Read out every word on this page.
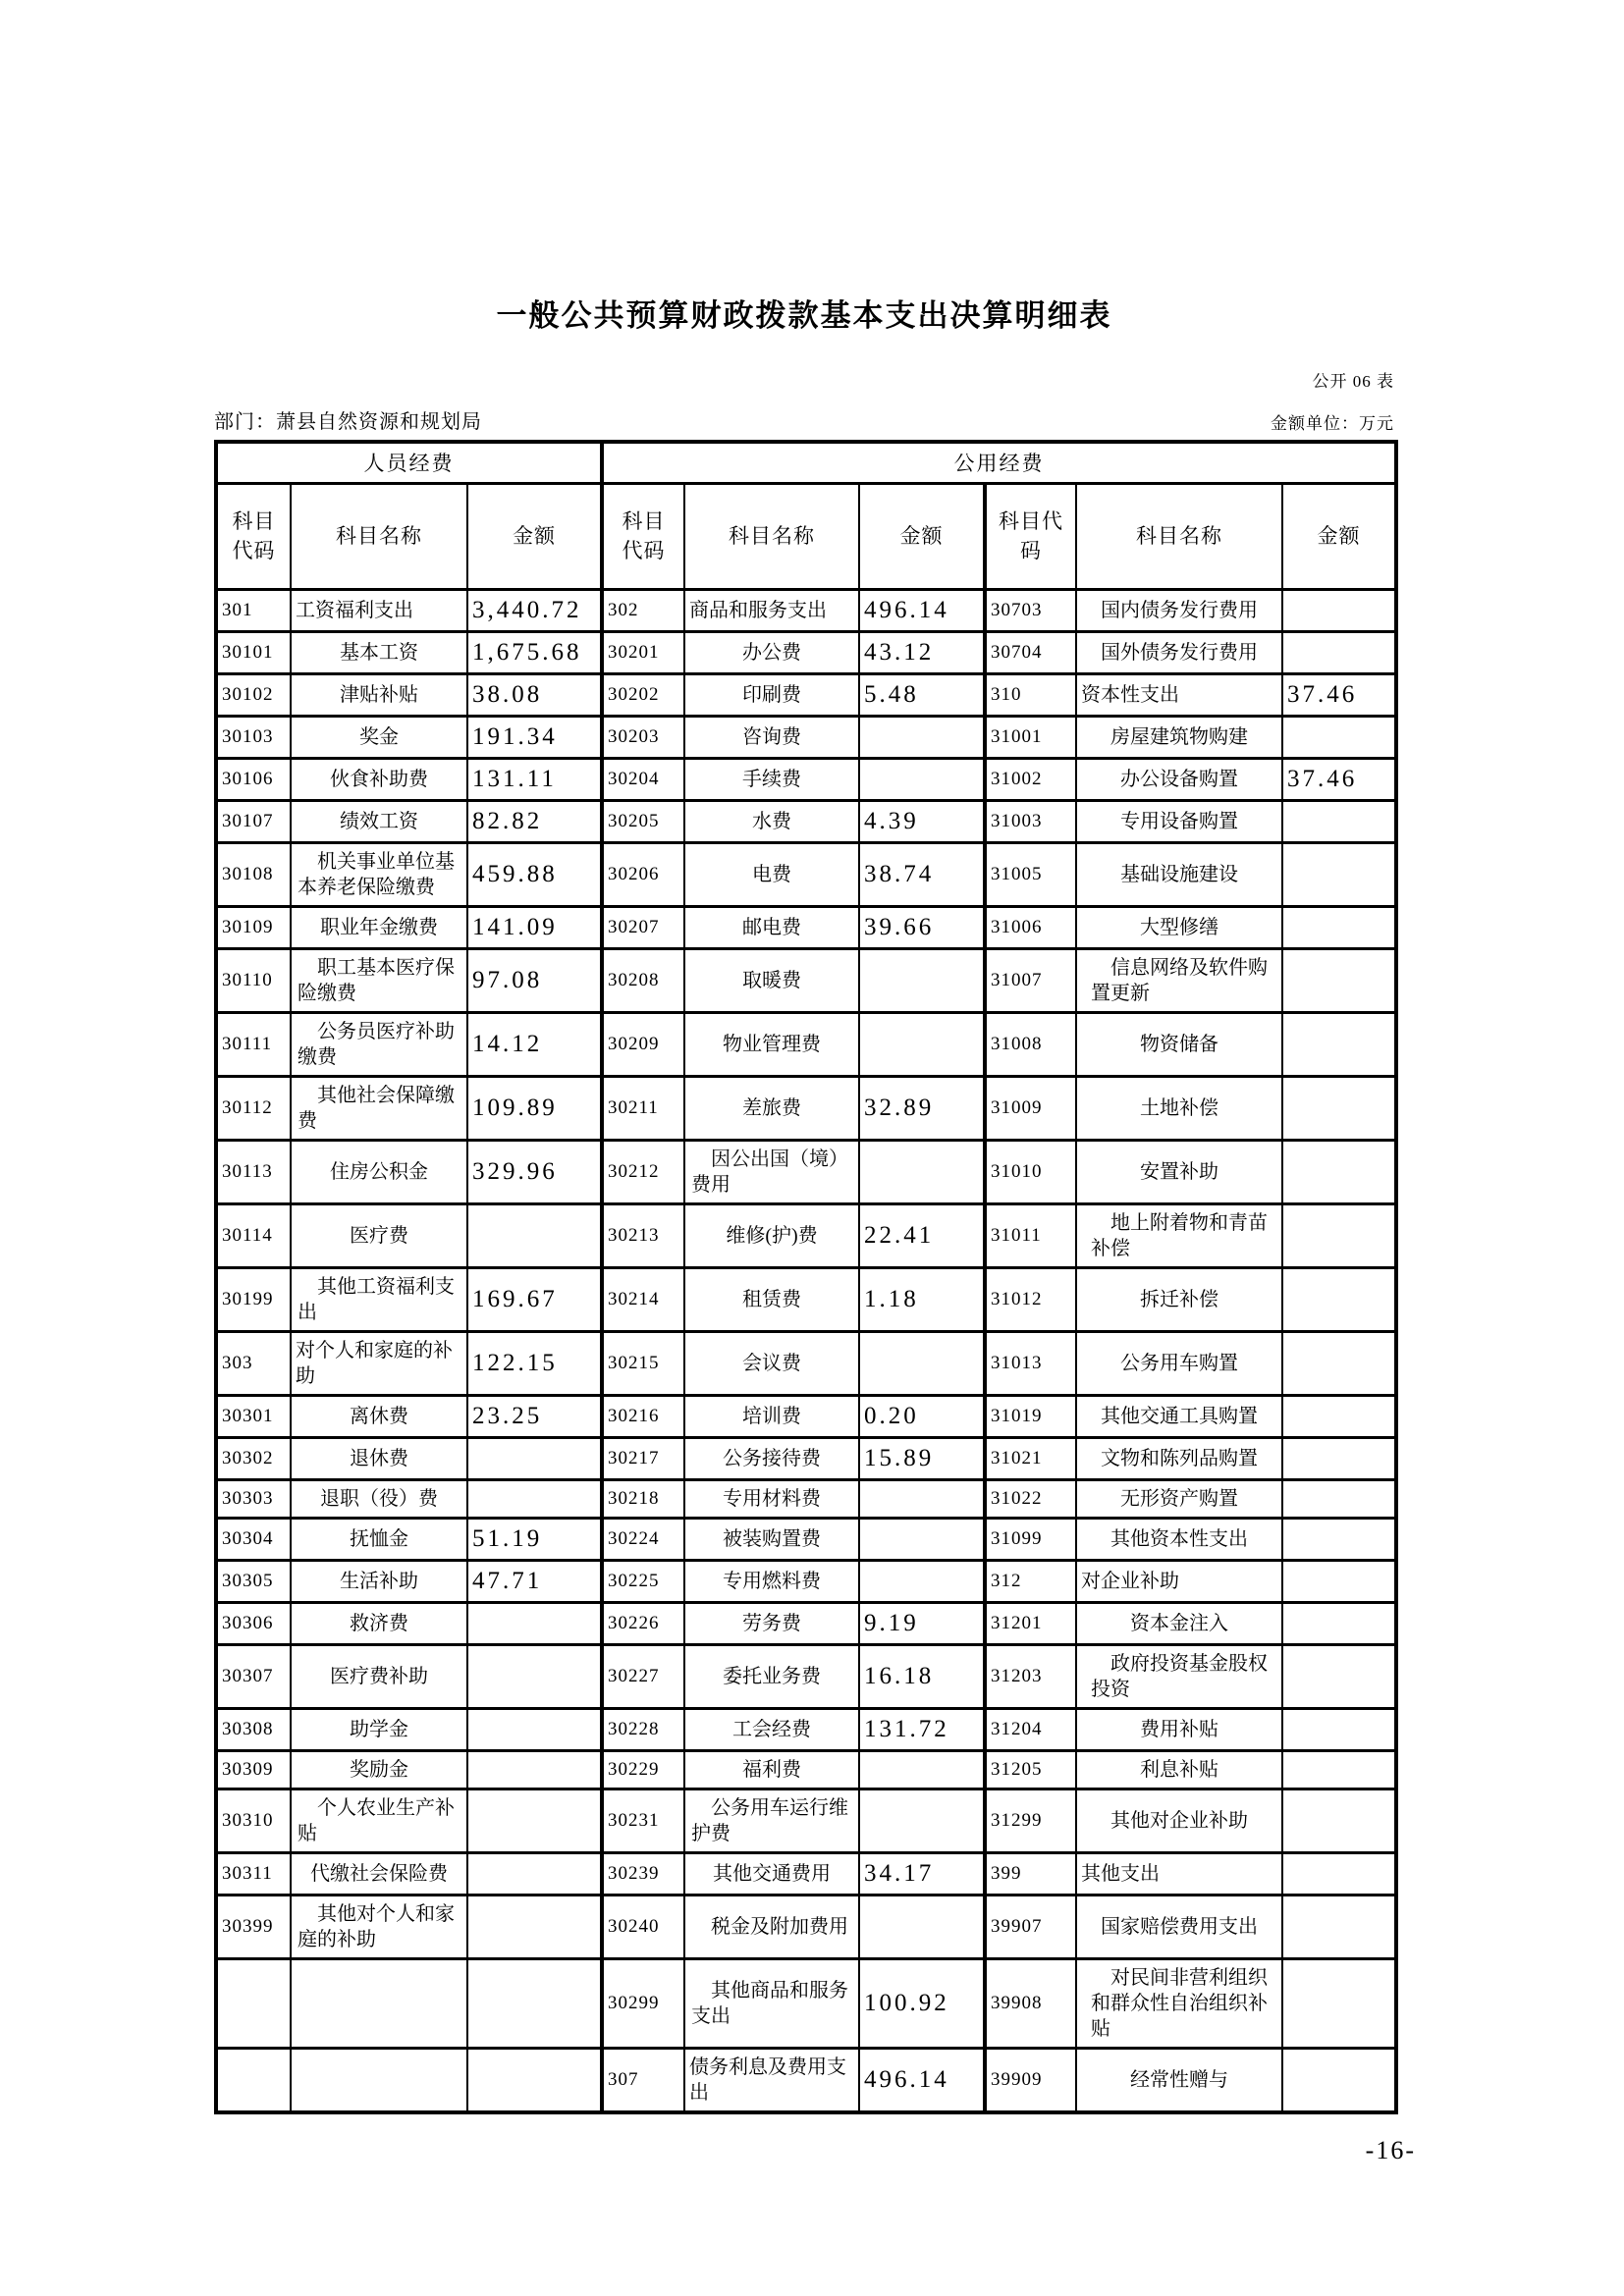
一般公共预算财政拨款基本支出决算明细表
公开 06 表
部门：萧县自然资源和规划局	金额单位：万元
人员经费			公用经费					
科目代码	科目名称	金额	科目代码	科目名称	金额	科目代码	科目名称	金额
301	工资福利支出	3,440.72	302	商品和服务支出	496.14	30703	国内债务发行费用	
30101	基本工资	1,675.68	30201	办公费	43.12	30704	国外债务发行费用	
30102	津贴补贴	38.08	30202	印刷费	5.48	310	资本性支出	37.46
30103	奖金	191.34	30203	咨询费		31001	房屋建筑物购建	
30106	伙食补助费	131.11	30204	手续费		31002	办公设备购置	37.46
30107	绩效工资	82.82	30205	水费	4.39	31003	专用设备购置	
30108	机关事业单位基本养老保险缴费	459.88	30206	电费	38.74	31005	基础设施建设	
30109	职业年金缴费	141.09	30207	邮电费	39.66	31006	大型修缮	
30110	职工基本医疗保险缴费	97.08	30208	取暖费		31007	信息网络及软件购置更新	
30111	公务员医疗补助缴费	14.12	30209	物业管理费		31008	物资储备	
30112	其他社会保障缴费	109.89	30211	差旅费	32.89	31009	土地补偿	
30113	住房公积金	329.96	30212	因公出国（境）费用		31010	安置补助	
30114	医疗费		30213	维修(护)费	22.41	31011	地上附着物和青苗补偿	
30199	其他工资福利支出	169.67	30214	租赁费	1.18	31012	拆迁补偿	
303	对个人和家庭的补助	122.15	30215	会议费		31013	公务用车购置	
30301	离休费	23.25	30216	培训费	0.20	31019	其他交通工具购置	
30302	退休费		30217	公务接待费	15.89	31021	文物和陈列品购置	
30303	退职（役）费		30218	专用材料费		31022	无形资产购置	
30304	抚恤金	51.19	30224	被装购置费		31099	其他资本性支出	
30305	生活补助	47.71	30225	专用燃料费		312	对企业补助	
30306	救济费		30226	劳务费	9.19	31201	资本金注入	
30307	医疗费补助		30227	委托业务费	16.18	31203	政府投资基金股权投资	
30308	助学金		30228	工会经费	131.72	31204	费用补贴	
30309	奖励金		30229	福利费		31205	利息补贴	
30310	个人农业生产补贴		30231	公务用车运行维护费		31299	其他对企业补助	
30311	代缴社会保险费		30239	其他交通费用	34.17	399	其他支出	
30399	其他对个人和家庭的补助		30240	税金及附加费用		39907	国家赔偿费用支出	
			30299	其他商品和服务支出	100.92	39908	对民间非营利组织和群众性自治组织补贴	
			307	债务利息及费用支出	496.14	39909	经常性赠与	
-16-
